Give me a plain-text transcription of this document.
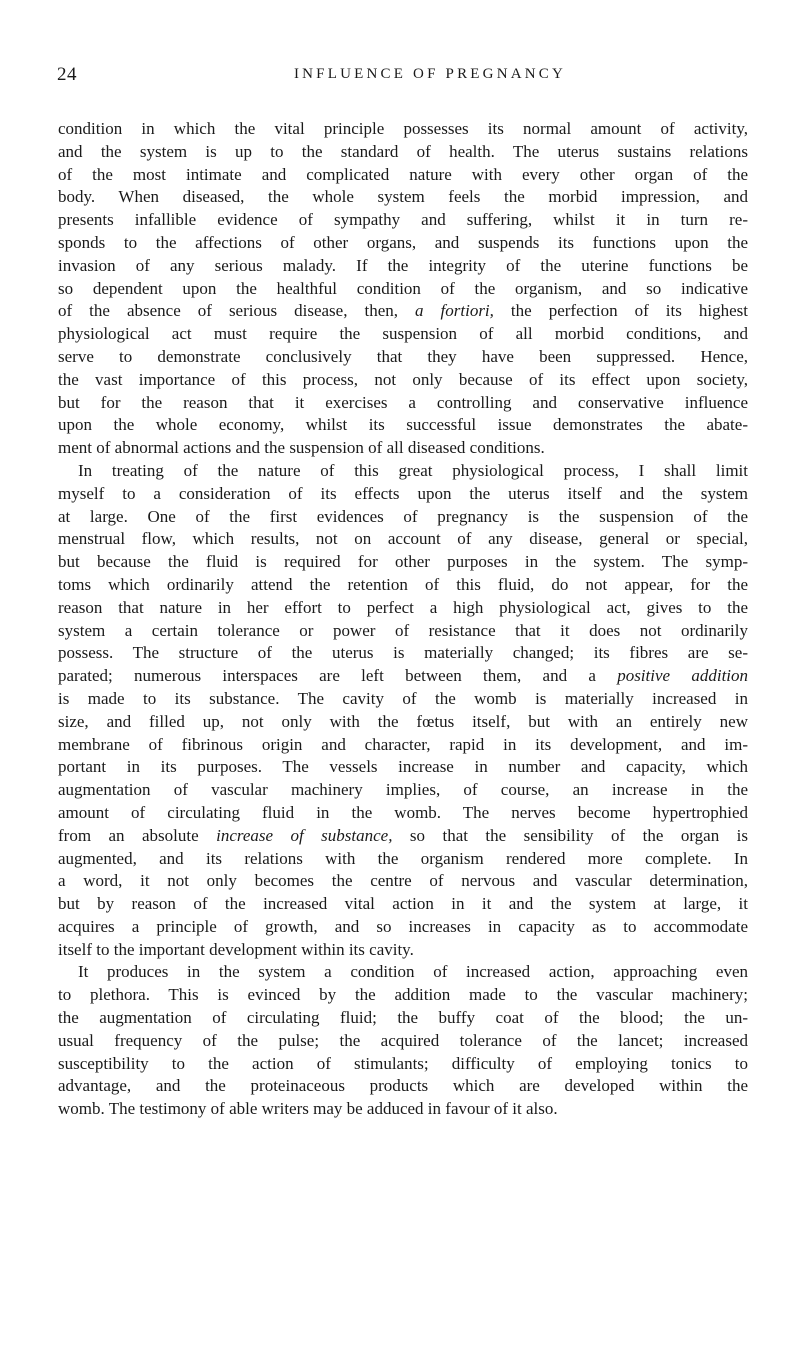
24	INFLUENCE OF PREGNANCY

condition in which the vital principle possesses its normal amount of activity,
and the system is up to the standard of health. The uterus sustains relations
of the most intimate and complicated nature with every other organ of the
body. When diseased, the whole system feels the morbid impression, and
presents infallible evidence of sympathy and suffering, whilst it in turn re-
sponds to the affections of other organs, and suspends its functions upon the
invasion of any serious malady. If the integrity of the uterine functions be
so dependent upon the healthful condition of the organism, and so indicative
of the absence of serious disease, then, a fortiori, the perfection of its highest
physiological act must require the suspension of all morbid conditions, and
serve to demonstrate conclusively that they have been suppressed. Hence,
the vast importance of this process, not only because of its effect upon society,
but for the reason that it exercises a controlling and conservative influence
upon the whole economy, whilst its successful issue demonstrates the abate-
ment of abnormal actions and the suspension of all diseased conditions.

In treating of the nature of this great physiological process, I shall limit
myself to a consideration of its effects upon the uterus itself and the system
at large. One of the first evidences of pregnancy is the suspension of the
menstrual flow, which results, not on account of any disease, general or special,
but because the fluid is required for other purposes in the system. The symp-
toms which ordinarily attend the retention of this fluid, do not appear, for the
reason that nature in her effort to perfect a high physiological act, gives to the
system a certain tolerance or power of resistance that it does not ordinarily
possess. The structure of the uterus is materially changed; its fibres are se-
parated; numerous interspaces are left between them, and a positive addition
is made to its substance. The cavity of the womb is materially increased in
size, and filled up, not only with the fœtus itself, but with an entirely new
membrane of fibrinous origin and character, rapid in its development, and im-
portant in its purposes. The vessels increase in number and capacity, which
augmentation of vascular machinery implies, of course, an increase in the
amount of circulating fluid in the womb. The nerves become hypertrophied
from an absolute increase of substance, so that the sensibility of the organ is
augmented, and its relations with the organism rendered more complete. In
a word, it not only becomes the centre of nervous and vascular determination,
but by reason of the increased vital action in it and the system at large, it
acquires a principle of growth, and so increases in capacity as to accommodate
itself to the important development within its cavity.

It produces in the system a condition of increased action, approaching even
to plethora. This is evinced by the addition made to the vascular machinery;
the augmentation of circulating fluid; the buffy coat of the blood; the un-
usual frequency of the pulse; the acquired tolerance of the lancet; increased
susceptibility to the action of stimulants; difficulty of employing tonics to
advantage, and the proteinaceous products which are developed within the
womb. The testimony of able writers may be adduced in favour of it also.
